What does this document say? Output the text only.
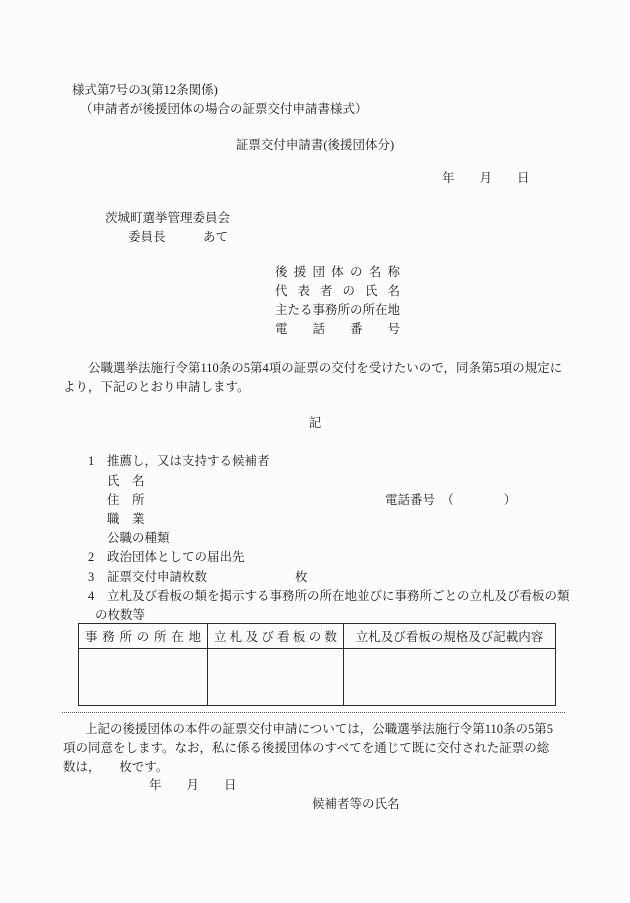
様式第7号の3(第12条関係)
（申請者が後援団体の場合の証票交付申請書様式）
証票交付申請書(後援団体分)
年　　月　　日
茨城町選挙管理委員会
委員長　　　あて
後援団体の名称
代表者の氏名
主たる事務所の所在地
電話番号
公職選挙法施行令第110条の5第4項の証票の交付を受けたいので，同条第5項の規定に
より，下記のとおり申請します。
記
1 推薦し，又は支持する候補者
氏　名
住　所	電話番号　（　　　　）
職　業
公職の種類
2 政治団体としての届出先
3 証票交付申請枚数	枚
4 立札及び看板の類を掲示する事務所の所在地並びに事務所ごとの立札及び看板の類
の枚数等
事務所の所在地	立札及び看板の数	立札及び看板の規格及び記載内容

上記の後援団体の本件の証票交付申請については，公職選挙法施行令第110条の5第5
項の同意をします。なお，私に係る後援団体のすべてを通じて既に交付された証票の総
数は，　　枚です。
年　　月　　日
候補者等の氏名
